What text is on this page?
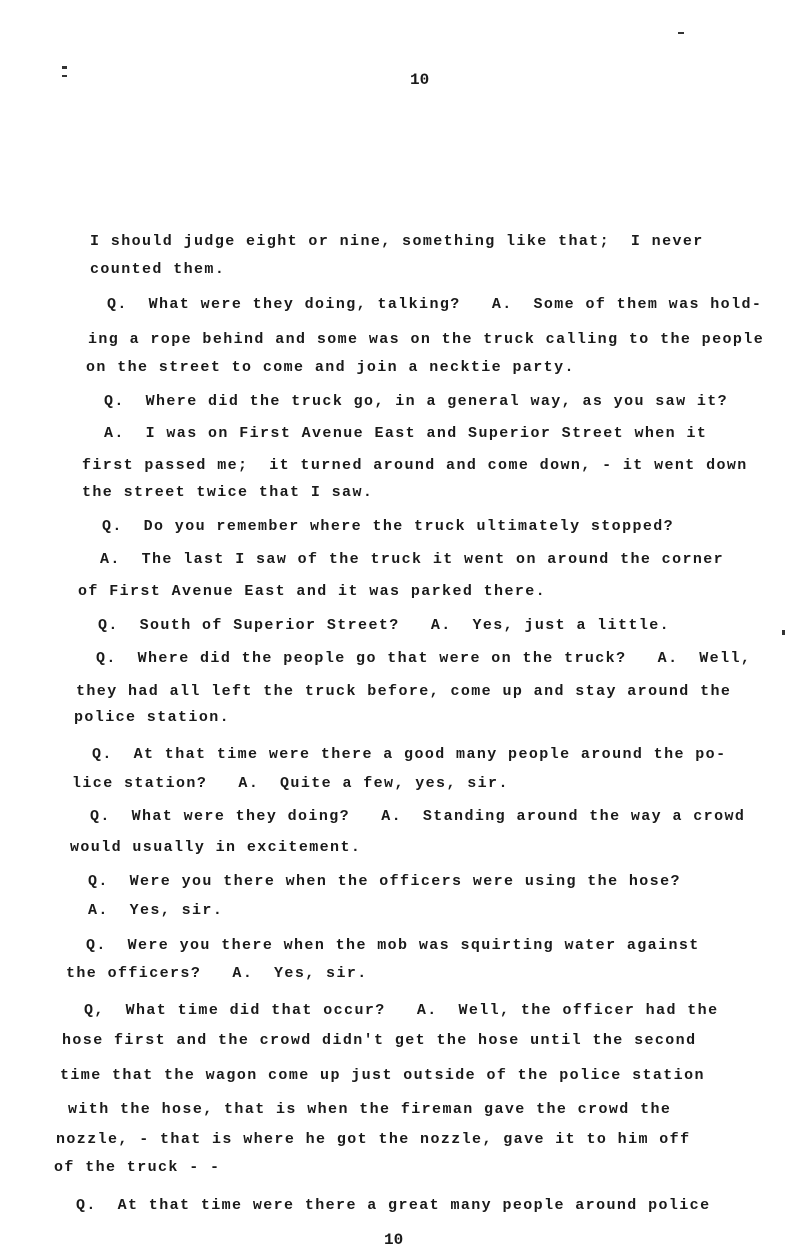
10
10
I should judge eight or nine, something like that;  I never
counted them.
Q.  What were they doing, talking?   A.  Some of them was hold-
ing a rope behind and some was on the truck calling to the people
on the street to come and join a necktie party.
Q.  Where did the truck go, in a general way, as you saw it?
A.  I was on First Avenue East and Superior Street when it
first passed me;  it turned around and come down, - it went down
the street twice that I saw.
Q.  Do you remember where the truck ultimately stopped?
A.  The last I saw of the truck it went on around the corner
of First Avenue East and it was parked there.
Q.  South of Superior Street?   A.  Yes, just a little.
Q.  Where did the people go that were on the truck?   A.  Well,
they had all left the truck before, come up and stay around the
police station.
Q.  At that time were there a good many people around the po-
lice station?   A.  Quite a few, yes, sir.
Q.  What were they doing?   A.  Standing around the way a crowd
would usually in excitement.
Q.  Were you there when the officers were using the hose?
A.  Yes, sir.
Q.  Were you there when the mob was squirting water against
the officers?   A.  Yes, sir.
Q,  What time did that occur?   A.  Well, the officer had the
hose first and the crowd didn't get the hose until the second
time that the wagon come up just outside of the police station
with the hose, that is when the fireman gave the crowd the
nozzle, - that is where he got the nozzle, gave it to him off
of the truck - -
Q.  At that time were there a great many people around police
